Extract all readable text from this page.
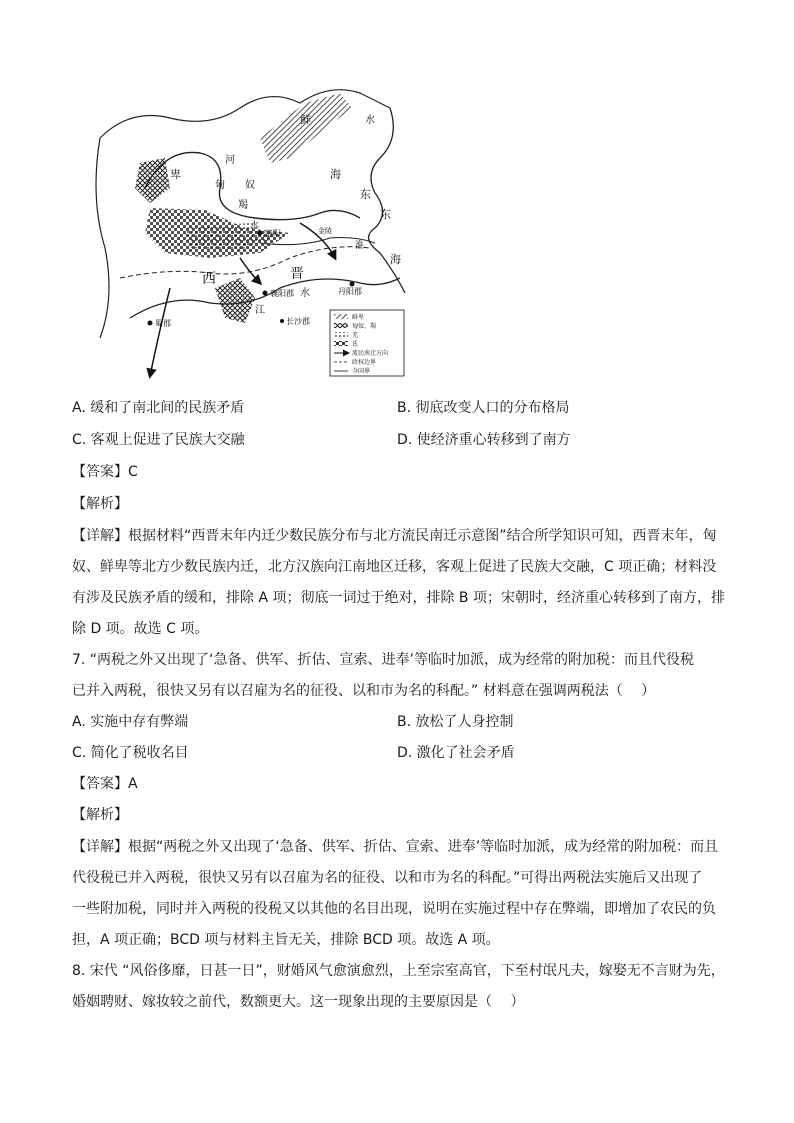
鲜
卑
水
河
匈 奴
羯
水
洛阳
海
东
东
海
金陵
淮
襄阳郡	丹阳郡
西	晋
江
水
蜀郡	长沙郡	鲜卑
匈奴、羯
羌
氐
流民南迁方向
政权边界
今国界
A. 缓和了南北间的民族矛盾	B. 彻底改变人口的分布格局
C. 客观上促进了民族大交融	D. 使经济重心转移到了南方
【答案】C
【解析】
【详解】根据材料“西晋末年内迁少数民族分布与北方流民南迁示意图”结合所学知识可知，西晋末年，匈
奴、鲜卑等北方少数民族内迁，北方汉族向江南地区迁移，客观上促进了民族大交融，C 项正确；材料没
有涉及民族矛盾的缓和，排除 A 项；彻底一词过于绝对，排除 B 项；宋朝时，经济重心转移到了南方，排
除 D 项。故选 C 项。
7. “两税之外又出现了‘急备、供军、折估、宣索、进奉’等临时加派，成为经常的附加税：而且代役税
已并入两税，很快又另有以召雇为名的征役、以和市为名的科配。” 材料意在强调两税法（　 ）
A. 实施中存有弊端	B. 放松了人身控制
C. 简化了税收名目	D. 激化了社会矛盾
【答案】A
【解析】
【详解】根据“两税之外又出现了‘急备、供军、折估、宣索、进奉’等临时加派，成为经常的附加税：而且
代役税已并入两税，很快又另有以召雇为名的征役、以和市为名的科配。”可得出两税法实施后又出现了
一些附加税，同时并入两税的役税又以其他的名目出现，说明在实施过程中存在弊端，即增加了农民的负
担，A 项正确；BCD 项与材料主旨无关，排除 BCD 项。故选 A 项。
8. 宋代 “风俗侈靡，日甚一日”，财婚风气愈演愈烈，上至宗室高官，下至村氓凡夫，嫁娶无不言财为先，
婚姻聘财、嫁妆较之前代，数额更大。这一现象出现的主要原因是（　 ）
